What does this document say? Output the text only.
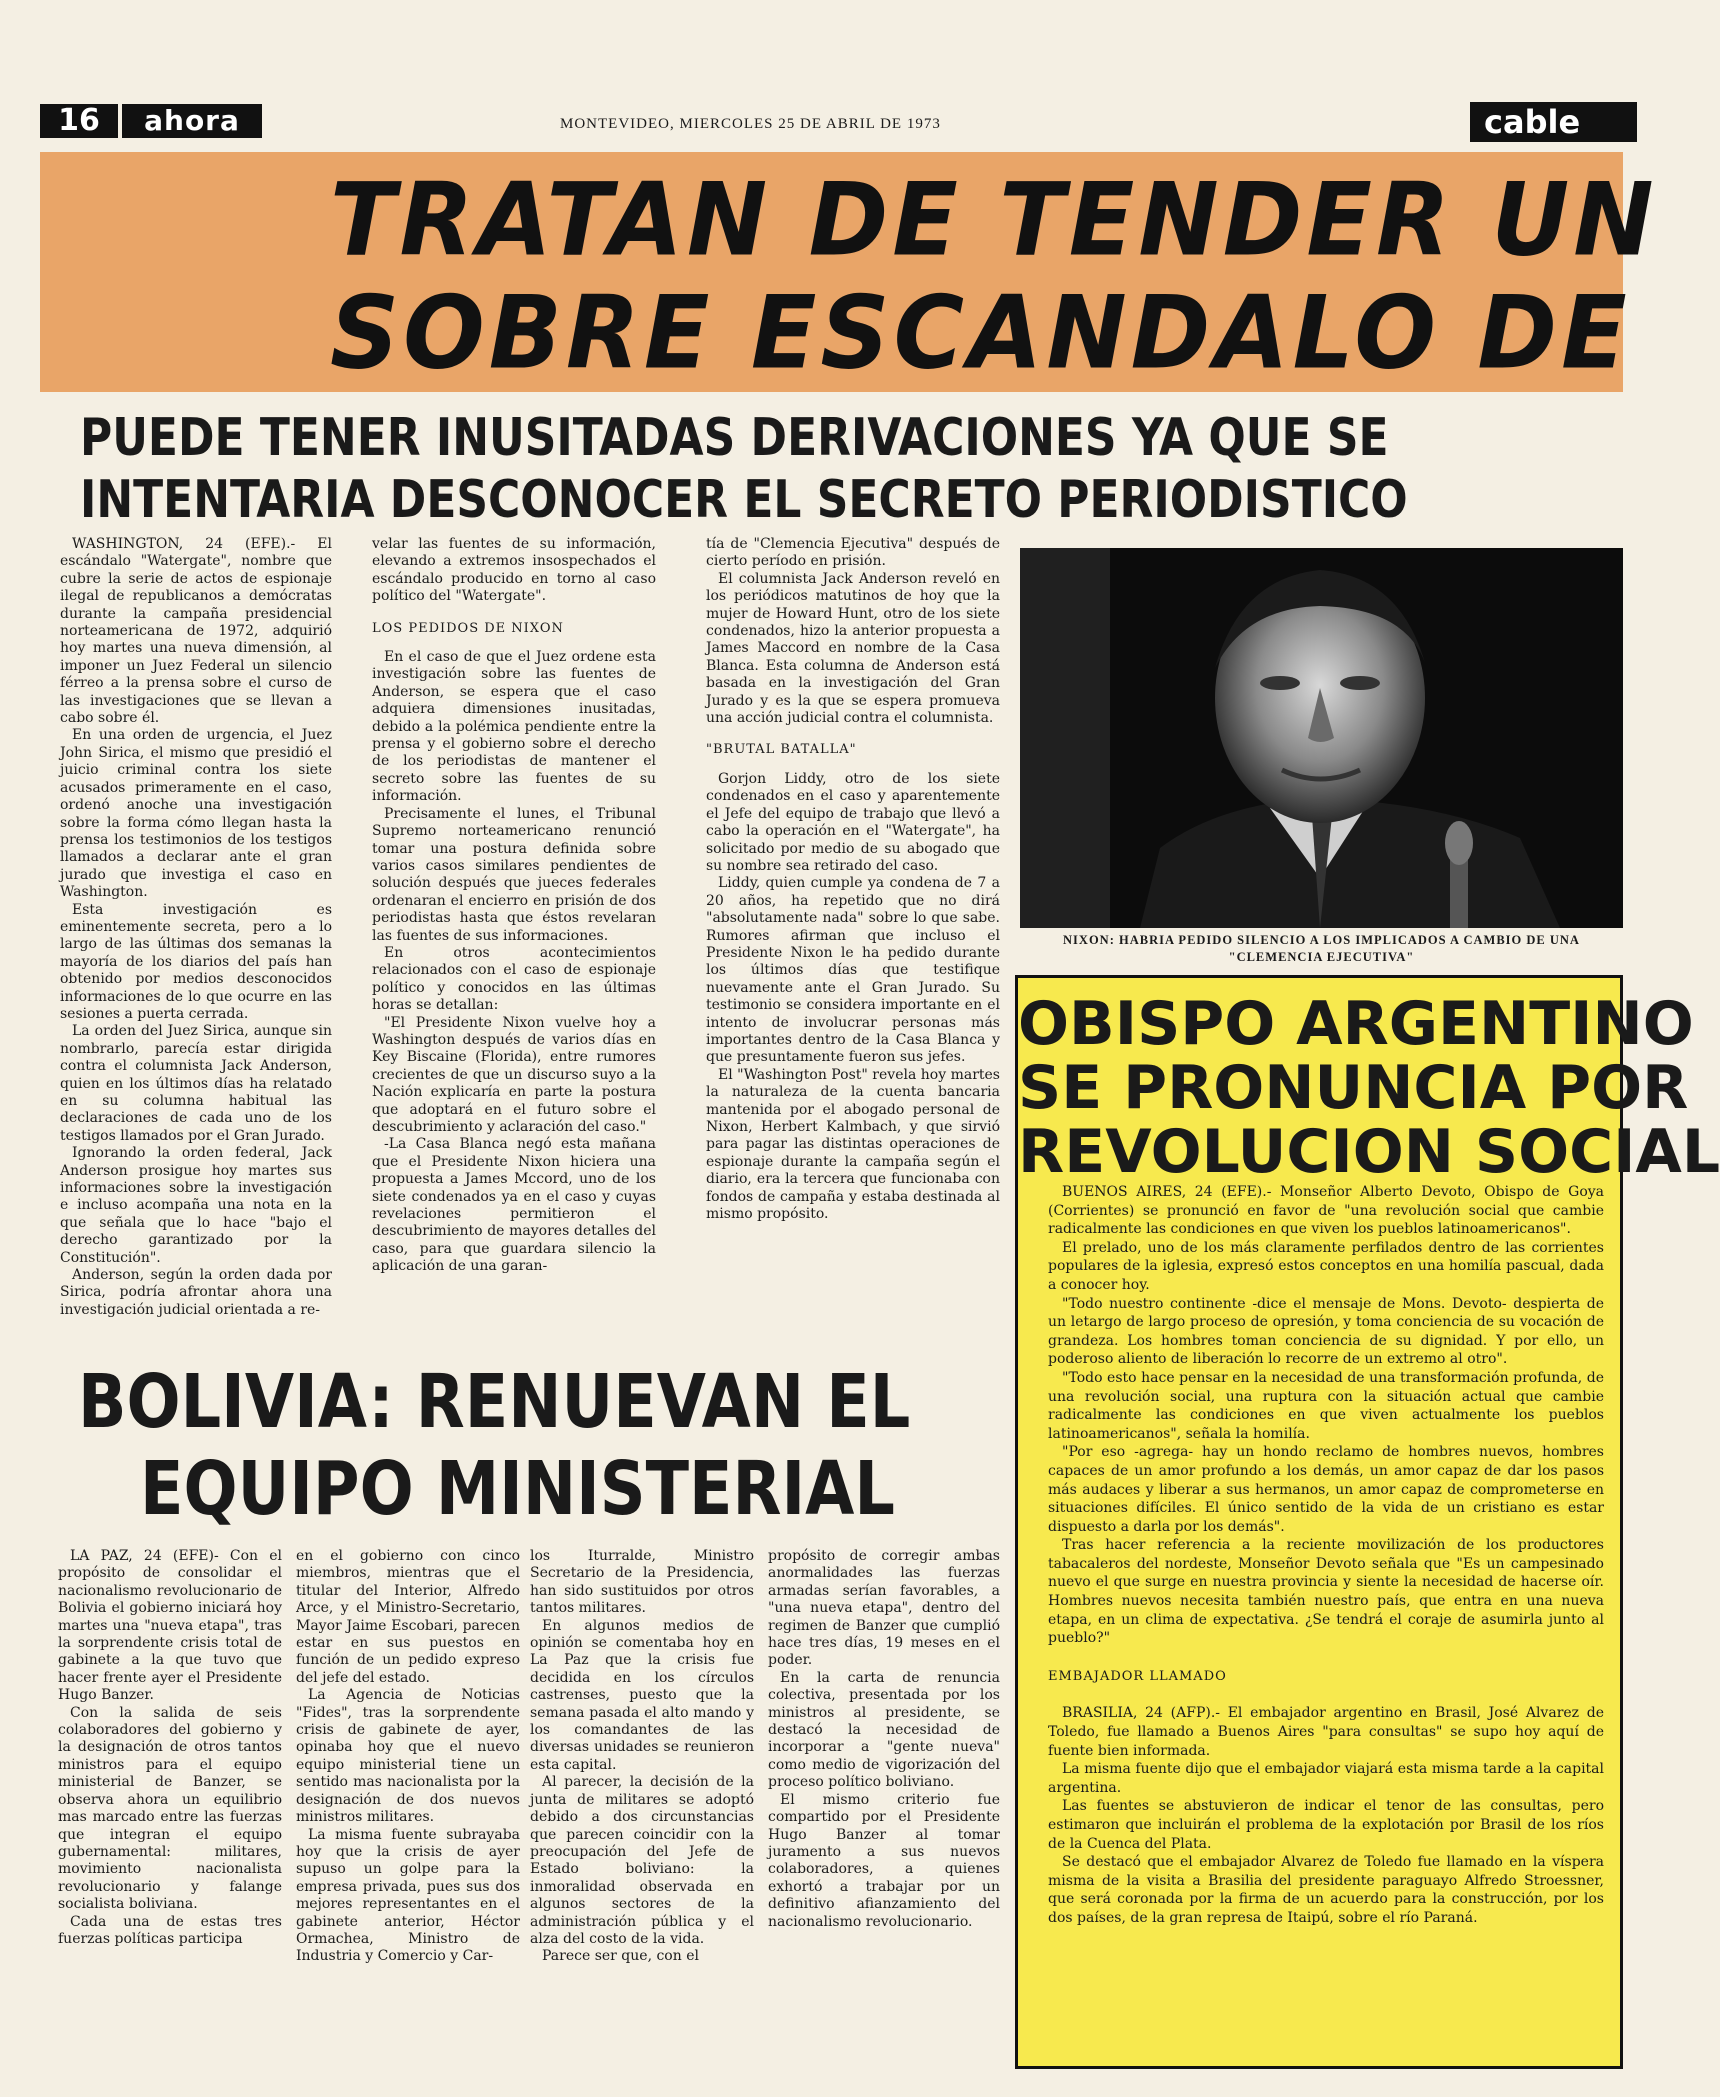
16	ahora	MONTEVIDEO, MIERCOLES 25 DE ABRIL DE 1973	cable
TRATAN DE TENDER UN
SOBRE ESCANDALO DE
PUEDE TENER INUSITADAS DERIVACIONES YA QUE SE
INTENTARIA DESCONOCER EL SECRETO PERIODISTICO

WASHINGTON, 24 (EFE).- El escándalo "Watergate", nombre que cubre la serie de actos de espionaje ilegal de republicanos a demócratas durante la campaña presidencial norteamericana de 1972, adquirió hoy martes una nueva dimensión, al imponer un Juez Federal un silencio férreo a la prensa sobre el curso de las investigaciones que se llevan a cabo sobre él.

En una orden de urgencia, el Juez John Sirica, el mismo que presidió el juicio criminal contra los siete acusados primeramente en el caso, ordenó anoche una investigación sobre la forma cómo llegan hasta la prensa los testimonios de los testigos llamados a declarar ante el gran jurado que investiga el caso en Washington.

Esta investigación es eminentemente secreta, pero a lo largo de las últimas dos semanas la mayoría de los diarios del país han obtenido por medios desconocidos informaciones de lo que ocurre en las sesiones a puerta cerrada.

La orden del Juez Sirica, aunque sin nombrarlo, parecía estar dirigida contra el columnista Jack Anderson, quien en los últimos días ha relatado en su columna habitual las declaraciones de cada uno de los testigos llamados por el Gran Jurado.

Ignorando la orden federal, Jack Anderson prosigue hoy martes sus informaciones sobre la investigación e incluso acompaña una nota en la que señala que lo hace "bajo el derecho garantizado por la Constitución".

Anderson, según la orden dada por Sirica, podría afrontar ahora una investigación judicial orientada a re-

velar las fuentes de su información, elevando a extremos insospechados el escándalo producido en torno al caso político del "Watergate".

LOS PEDIDOS DE NIXON

En el caso de que el Juez ordene esta investigación sobre las fuentes de Anderson, se espera que el caso adquiera dimensiones inusitadas, debido a la polémica pendiente entre la prensa y el gobierno sobre el derecho de los periodistas de mantener el secreto sobre las fuentes de su información.

Precisamente el lunes, el Tribunal Supremo norteamericano renunció tomar una postura definida sobre varios casos similares pendientes de solución después que jueces federales ordenaran el encierro en prisión de dos periodistas hasta que éstos revelaran las fuentes de sus informaciones.

En otros acontecimientos relacionados con el caso de espionaje político y conocidos en las últimas horas se detallan:

"El Presidente Nixon vuelve hoy a Washington después de varios días en Key Biscaine (Florida), entre rumores crecientes de que un discurso suyo a la Nación explicaría en parte la postura que adoptará en el futuro sobre el descubrimiento y aclaración del caso."

-La Casa Blanca negó esta mañana que el Presidente Nixon hiciera una propuesta a James Mccord, uno de los siete condenados ya en el caso y cuyas revelaciones permitieron el descubrimiento de mayores detalles del caso, para que guardara silencio la aplicación de una garan-

tía de "Clemencia Ejecutiva" después de cierto período en prisión.

El columnista Jack Anderson reveló en los periódicos matutinos de hoy que la mujer de Howard Hunt, otro de los siete condenados, hizo la anterior propuesta a James Maccord en nombre de la Casa Blanca. Esta columna de Anderson está basada en la investigación del Gran Jurado y es la que se espera promueva una acción judicial contra el columnista.

"BRUTAL BATALLA"

Gorjon Liddy, otro de los siete condenados en el caso y aparentemente el Jefe del equipo de trabajo que llevó a cabo la operación en el "Watergate", ha solicitado por medio de su abogado que su nombre sea retirado del caso.

Liddy, quien cumple ya condena de 7 a 20 años, ha repetido que no dirá "absolutamente nada" sobre lo que sabe. Rumores afirman que incluso el Presidente Nixon le ha pedido durante los últimos días que testifique nuevamente ante el Gran Jurado. Su testimonio se considera importante en el intento de involucrar personas más importantes dentro de la Casa Blanca y que presuntamente fueron sus jefes.

El "Washington Post" revela hoy martes la naturaleza de la cuenta bancaria mantenida por el abogado personal de Nixon, Herbert Kalmbach, y que sirvió para pagar las distintas operaciones de espionaje durante la campaña según el diario, era la tercera que funcionaba con fondos de campaña y estaba destinada al mismo propósito.

NIXON: HABRIA PEDIDO SILENCIO A LOS IMPLICADOS A CAMBIO DE UNA "CLEMENCIA EJECUTIVA"
OBISPO ARGENTINO
SE PRONUNCIA POR
REVOLUCION SOCIAL

BUENOS AIRES, 24 (EFE).- Monseñor Alberto Devoto, Obispo de Goya (Corrientes) se pronunció en favor de "una revolución social que cambie radicalmente las condiciones en que viven los pueblos latinoamericanos".

El prelado, uno de los más claramente perfilados dentro de las corrientes populares de la iglesia, expresó estos conceptos en una homilía pascual, dada a conocer hoy.

"Todo nuestro continente -dice el mensaje de Mons. Devoto- despierta de un letargo de largo proceso de opresión, y toma conciencia de su vocación de grandeza. Los hombres toman conciencia de su dignidad. Y por ello, un poderoso aliento de liberación lo recorre de un extremo al otro".

"Todo esto hace pensar en la necesidad de una transformación profunda, de una revolución social, una ruptura con la situación actual que cambie radicalmente las condiciones en que viven actualmente los pueblos latinoamericanos", señala la homilía.

"Por eso -agrega- hay un hondo reclamo de hombres nuevos, hombres capaces de un amor profundo a los demás, un amor capaz de dar los pasos más audaces y liberar a sus hermanos, un amor capaz de comprometerse en situaciones difíciles. El único sentido de la vida de un cristiano es estar dispuesto a darla por los demás".

Tras hacer referencia a la reciente movilización de los productores tabacaleros del nordeste, Monseñor Devoto señala que "Es un campesinado nuevo el que surge en nuestra provincia y siente la necesidad de hacerse oír. Hombres nuevos necesita también nuestro país, que entra en una nueva etapa, en un clima de expectativa. ¿Se tendrá el coraje de asumirla junto al pueblo?"

EMBAJADOR LLAMADO

BRASILIA, 24 (AFP).- El embajador argentino en Brasil, José Alvarez de Toledo, fue llamado a Buenos Aires "para consultas" se supo hoy aquí de fuente bien informada.

La misma fuente dijo que el embajador viajará esta misma tarde a la capital argentina.

Las fuentes se abstuvieron de indicar el tenor de las consultas, pero estimaron que incluirán el problema de la explotación por Brasil de los ríos de la Cuenca del Plata.

Se destacó que el embajador Alvarez de Toledo fue llamado en la víspera misma de la visita a Brasilia del presidente paraguayo Alfredo Stroessner, que será coronada por la firma de un acuerdo para la construcción, por los dos países, de la gran represa de Itaipú, sobre el río Paraná.

BOLIVIA: RENUEVAN EL
EQUIPO MINISTERIAL

LA PAZ, 24 (EFE)- Con el propósito de consolidar el nacionalismo revolucionario de Bolivia el gobierno iniciará hoy martes una "nueva etapa", tras la sorprendente crisis total de gabinete a la que tuvo que hacer frente ayer el Presidente Hugo Banzer.

Con la salida de seis colaboradores del gobierno y la designación de otros tantos ministros para el equipo ministerial de Banzer, se observa ahora un equilibrio mas marcado entre las fuerzas que integran el equipo gubernamental: militares, movimiento nacionalista revolucionario y falange socialista boliviana.

Cada una de estas tres fuerzas políticas participa

en el gobierno con cinco miembros, mientras que el titular del Interior, Alfredo Arce, y el Ministro-Secretario, Mayor Jaime Escobari, parecen estar en sus puestos en función de un pedido expreso del jefe del estado.

La Agencia de Noticias "Fides", tras la sorprendente crisis de gabinete de ayer, opinaba hoy que el nuevo equipo ministerial tiene un sentido mas nacionalista por la designación de dos nuevos ministros militares.

La misma fuente subrayaba hoy que la crisis de ayer supuso un golpe para la empresa privada, pues sus dos mejores representantes en el gabinete anterior, Héctor Ormachea, Ministro de Industria y Comercio y Car-

los Iturralde, Ministro Secretario de la Presidencia, han sido sustituidos por otros tantos militares.

En algunos medios de opinión se comentaba hoy en La Paz que la crisis fue decidida en los círculos castrenses, puesto que la semana pasada el alto mando y los comandantes de las diversas unidades se reunieron esta capital.

Al parecer, la decisión de la junta de militares se adoptó debido a dos circunstancias que parecen coincidir con la preocupación del Jefe de Estado boliviano: la inmoralidad observada en algunos sectores de la administración pública y el alza del costo de la vida.

Parece ser que, con el

propósito de corregir ambas anormalidades las fuerzas armadas serían favorables, a "una nueva etapa", dentro del regimen de Banzer que cumplió hace tres días, 19 meses en el poder.

En la carta de renuncia colectiva, presentada por los ministros al presidente, se destacó la necesidad de incorporar a "gente nueva" como medio de vigorización del proceso político boliviano.

El mismo criterio fue compartido por el Presidente Hugo Banzer al tomar juramento a sus nuevos colaboradores, a quienes exhortó a trabajar por un definitivo afianzamiento del nacionalismo revolucionario.
